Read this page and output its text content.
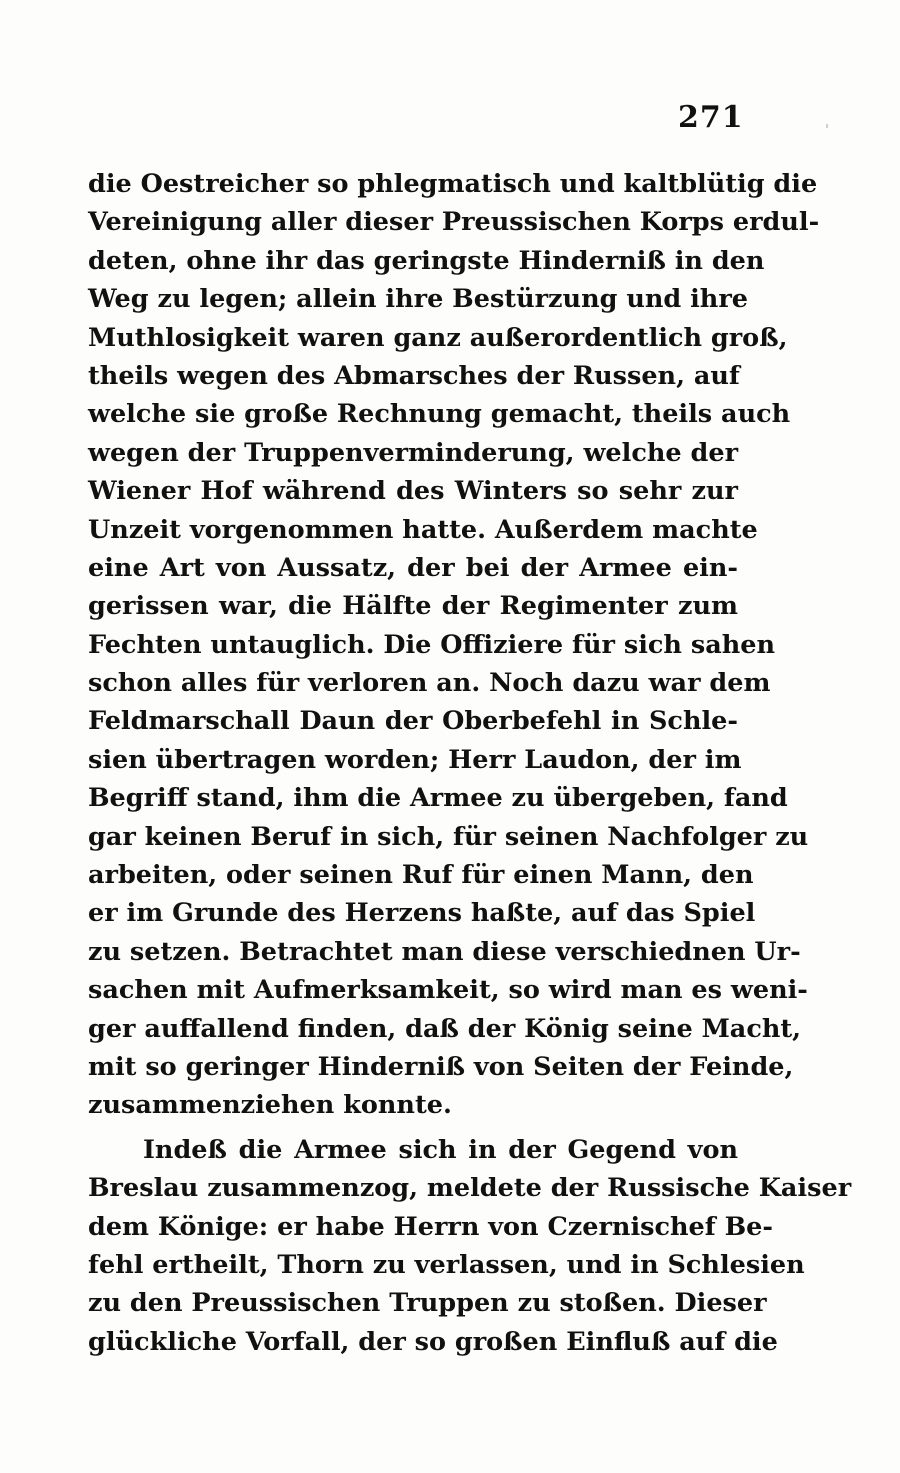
271
die Oestreicher so phlegmatisch und kaltblütig die
Vereinigung aller dieser Preussischen Korps erdul-
deten, ohne ihr das geringste Hinderniß in den
Weg zu legen; allein ihre Bestürzung und ihre
Muthlosigkeit waren ganz außerordentlich groß,
theils wegen des Abmarsches der Russen, auf
welche sie große Rechnung gemacht, theils auch
wegen der Truppenverminderung, welche der
Wiener Hof während des Winters so sehr zur
Unzeit vorgenommen hatte. Außerdem machte
eine Art von Aussatz, der bei der Armee ein-
gerissen war, die Hälfte der Regimenter zum
Fechten untauglich. Die Offiziere für sich sahen
schon alles für verloren an. Noch dazu war dem
Feldmarschall Daun der Oberbefehl in Schle-
sien übertragen worden; Herr Laudon, der im
Begriff stand, ihm die Armee zu übergeben, fand
gar keinen Beruf in sich, für seinen Nachfolger zu
arbeiten, oder seinen Ruf für einen Mann, den
er im Grunde des Herzens haßte, auf das Spiel
zu setzen. Betrachtet man diese verschiednen Ur-
sachen mit Aufmerksamkeit, so wird man es weni-
ger auffallend finden, daß der König seine Macht,
mit so geringer Hinderniß von Seiten der Feinde,
zusammenziehen konnte.
Indeß die Armee sich in der Gegend von
Breslau zusammenzog, meldete der Russische Kaiser
dem Könige: er habe Herrn von Czernischef Be-
fehl ertheilt, Thorn zu verlassen, und in Schlesien
zu den Preussischen Truppen zu stoßen. Dieser
glückliche Vorfall, der so großen Einfluß auf die
